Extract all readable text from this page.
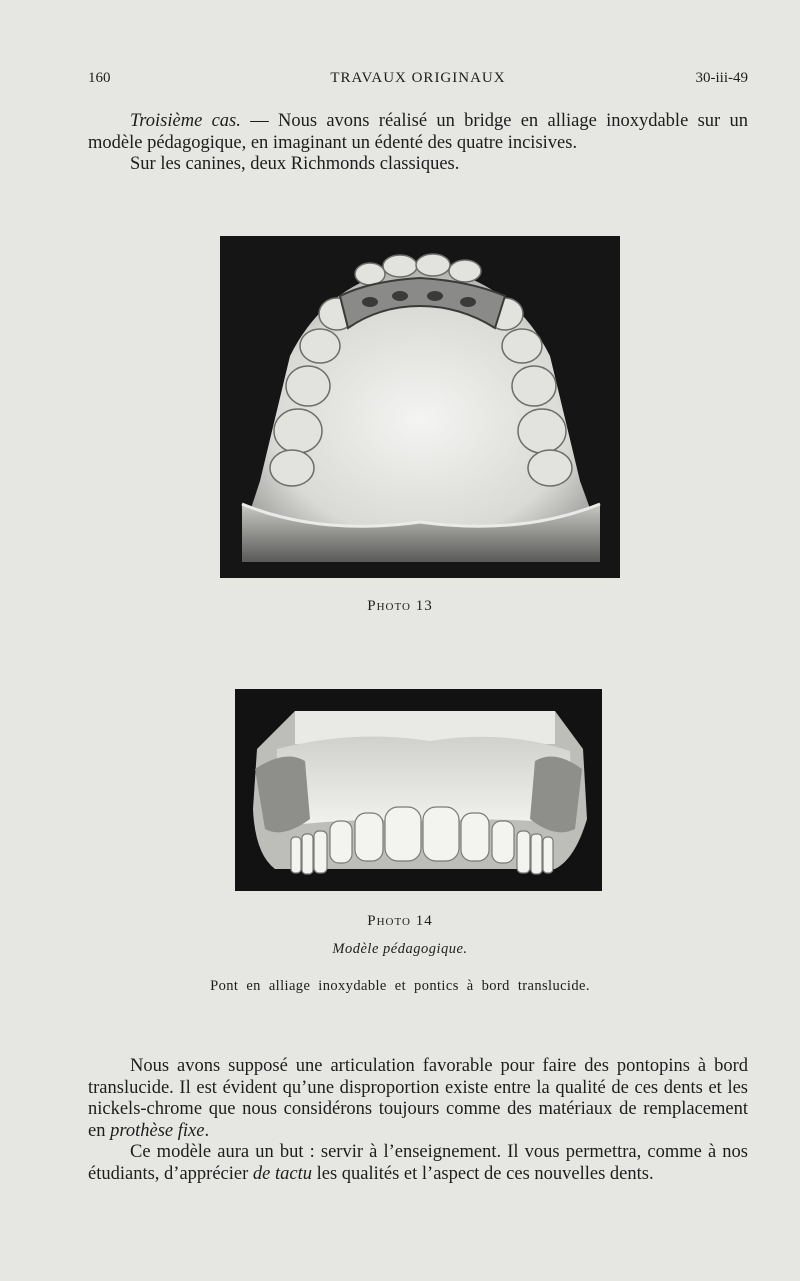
160	TRAVAUX ORIGINAUX	30-iii-49

Troisième cas. — Nous avons réalisé un bridge en alliage inoxydable sur un modèle pédagogique, en imaginant un édenté des quatre incisives.

Sur les canines, deux Richmonds classiques.

Photo 13
Photo 14
Modèle pédagogique.
Pont en alliage inoxydable et pontics à bord translucide.

Nous avons supposé une articulation favorable pour faire des pontopins à bord translucide. Il est évident qu’une disproportion existe entre la qualité de ces dents et les nickels-chrome que nous considérons toujours comme des matériaux de remplacement en prothèse fixe.

Ce modèle aura un but : servir à l’enseignement. Il vous permettra, comme à nos étudiants, d’apprécier de tactu les qualités et l’aspect de ces nouvelles dents.
